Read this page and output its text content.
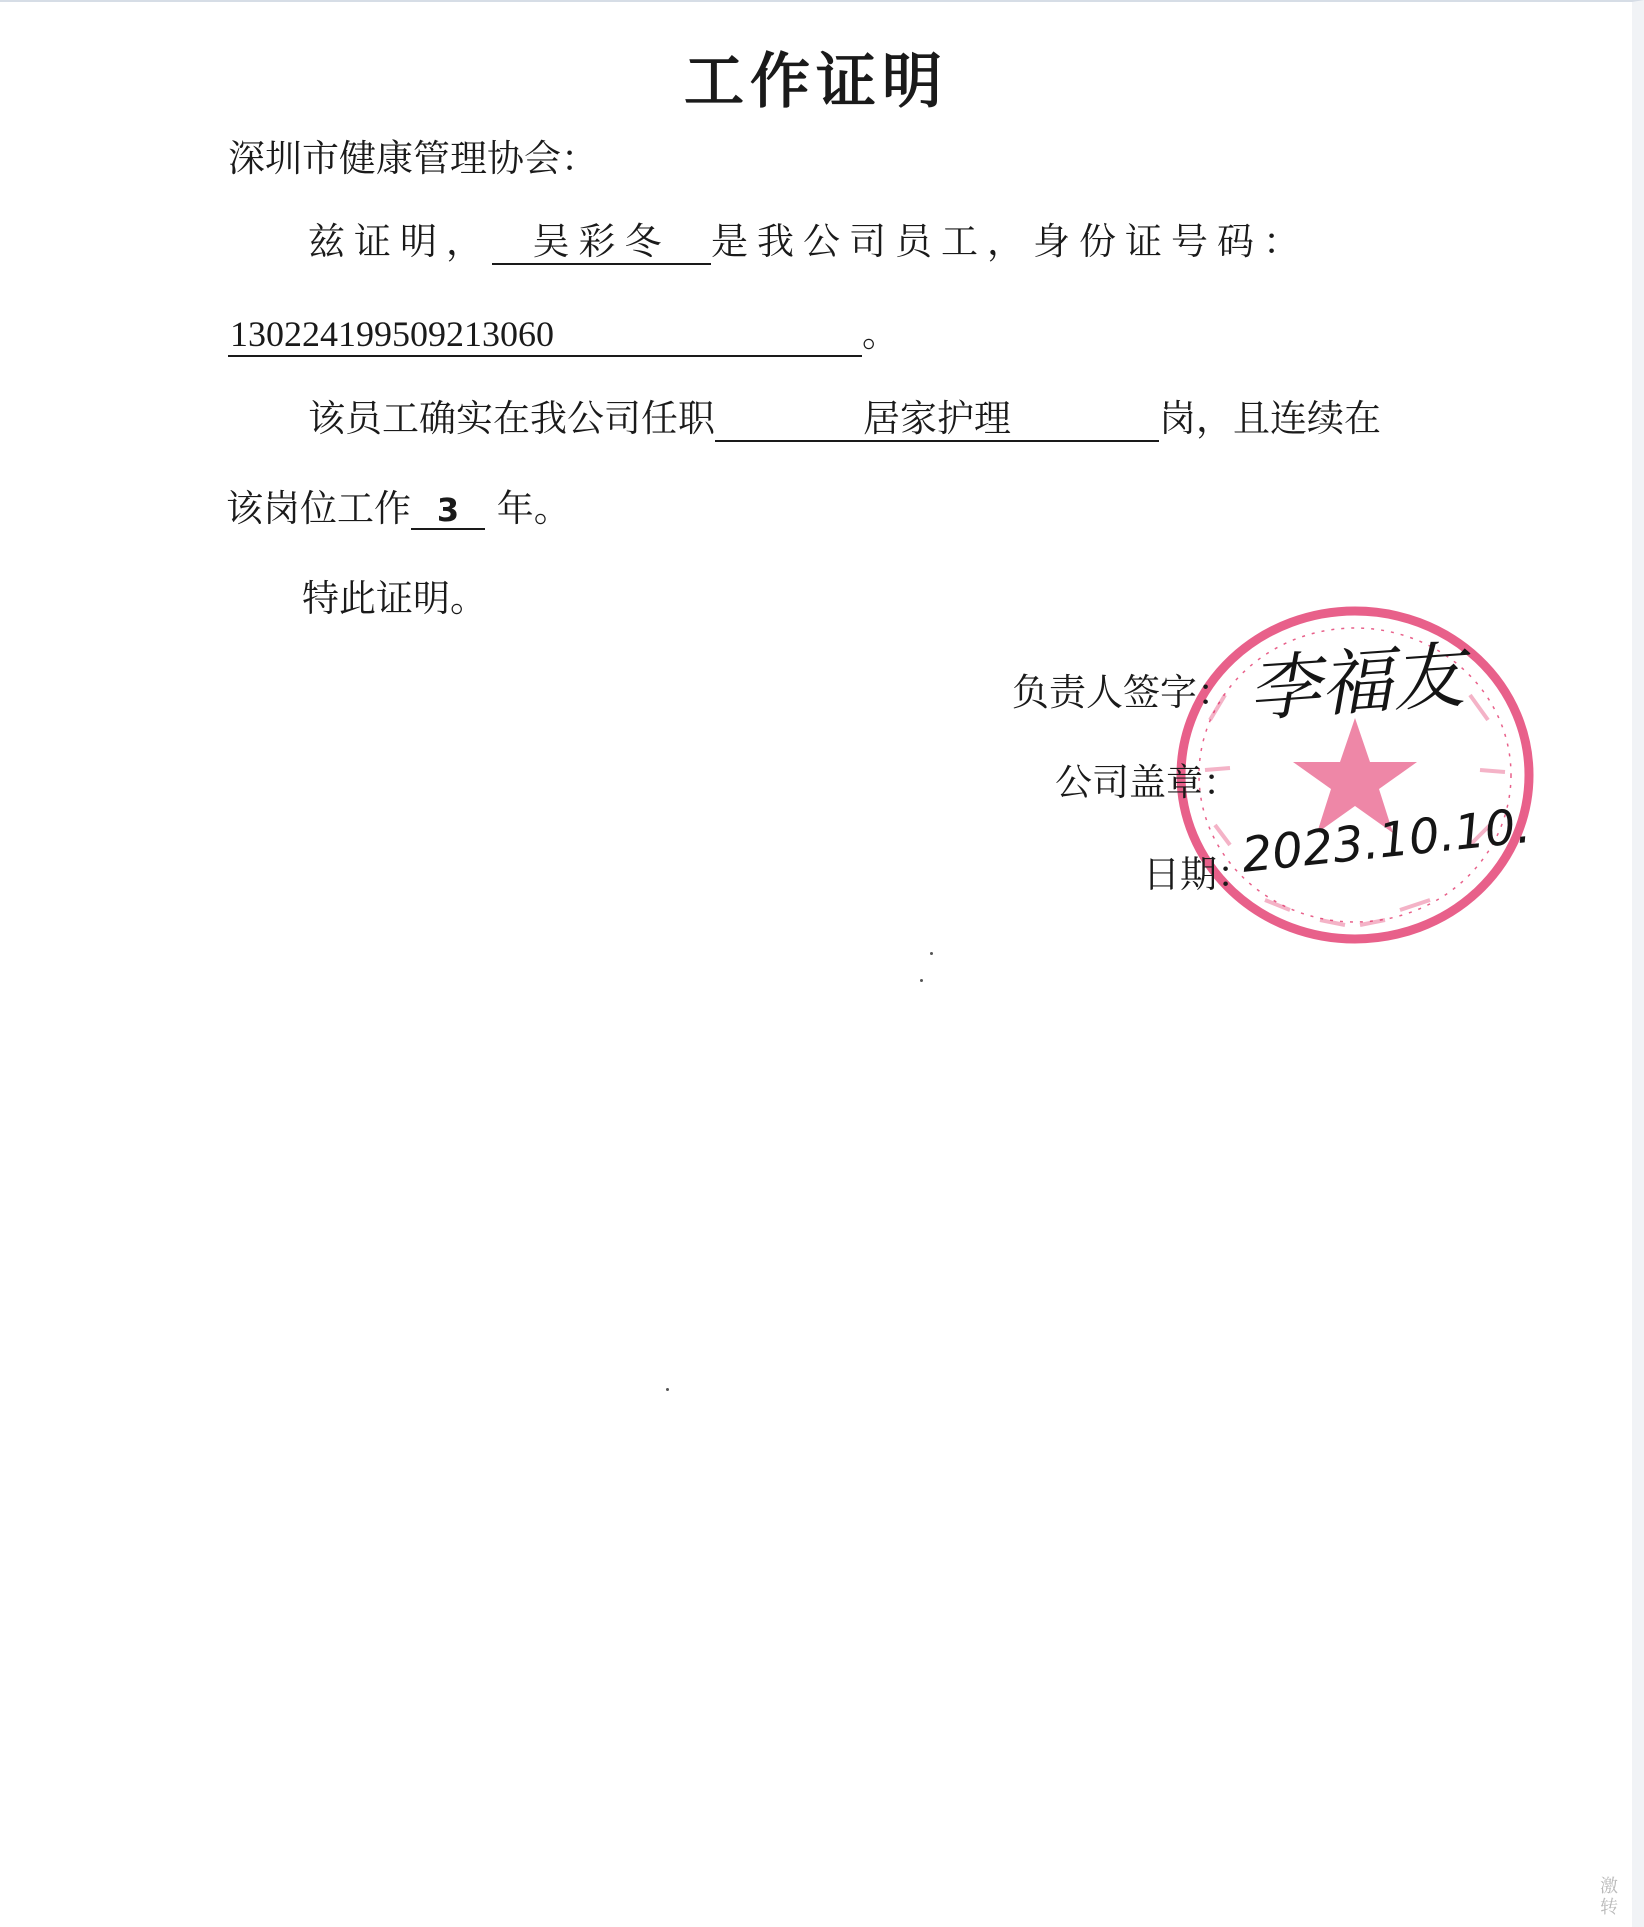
工作证明
深圳市健康管理协会：
兹证明， 吴彩冬 是我公司员工，身份证号码：
130224199509213060	。
该员工确实在我公司任职	居家护理	岗，且连续在
该岗位工作 3 年。
特此证明。
负责人签字： 李福友
公司盖章：
日期：
2023.10.10.
激
转
